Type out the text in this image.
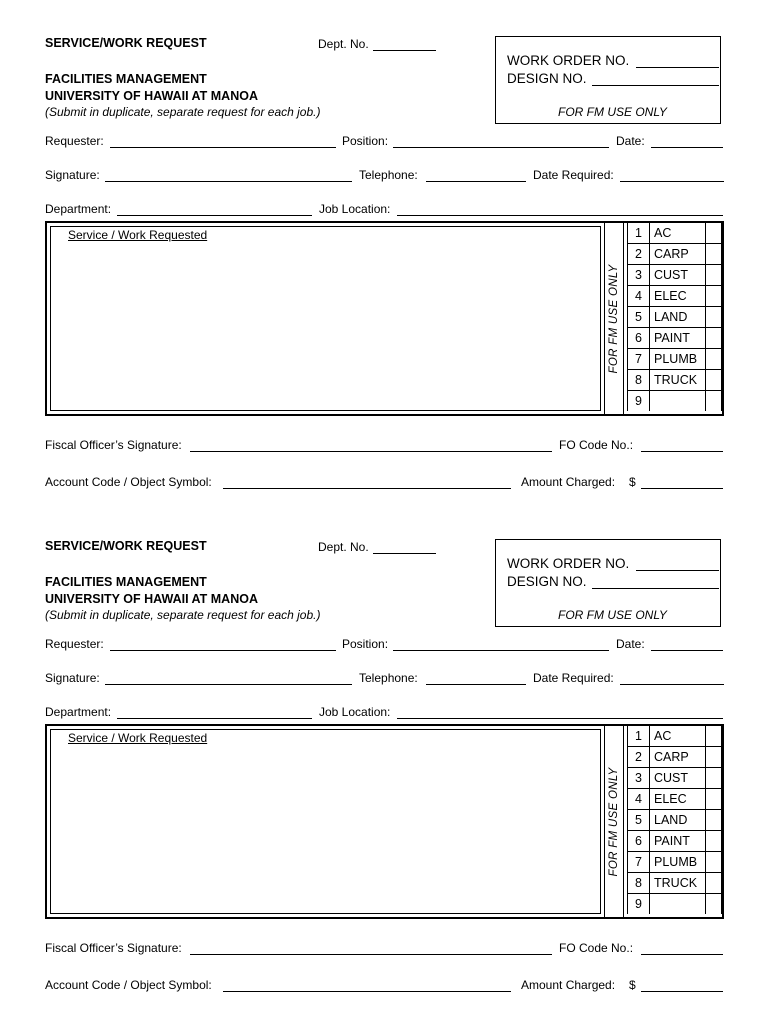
SERVICE/WORK REQUEST	Dept. No.
FACILITIES MANAGEMENT
UNIVERSITY OF HAWAII AT MANOA
(Submit in duplicate, separate request for each job.)
WORK ORDER NO.
DESIGN NO.
FOR FM USE ONLY
Requester:	Position:	Date:
Signature:	Telephone:	Date Required:
Department:	Job Location:
Service / Work Requested
FOR FM USE ONLY
1 AC
2 CARP
3 CUST
4 ELEC
5 LAND
6 PAINT
7 PLUMB
8 TRUCK
9
Fiscal Officer’s Signature:	FO Code No.:
Account Code / Object Symbol:	Amount Charged: $
SERVICE/WORK REQUEST	Dept. No.
FACILITIES MANAGEMENT
UNIVERSITY OF HAWAII AT MANOA
(Submit in duplicate, separate request for each job.)
WORK ORDER NO.
DESIGN NO.
FOR FM USE ONLY
Requester:	Position:	Date:
Signature:	Telephone:	Date Required:
Department:	Job Location:
Service / Work Requested
FOR FM USE ONLY
1 AC
2 CARP
3 CUST
4 ELEC
5 LAND
6 PAINT
7 PLUMB
8 TRUCK
9
Fiscal Officer’s Signature:	FO Code No.:
Account Code / Object Symbol:	Amount Charged: $
